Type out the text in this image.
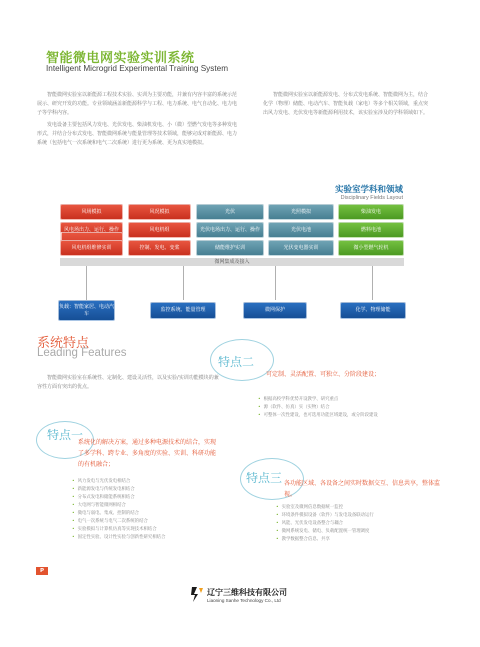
智能微电网实验实训系统
Intelligent Microgrid Experimental Training System

智能微网实验室以新能源工程技术实验、实训为主要功能，并兼有内容丰富的系统示范展示、研究开发的功能。专业领域涵盖新能源科学与工程、电力系统、电气自动化、电力电子等学科内容。

发电设备主要包括风力发电、光伏发电、柴油机发电、小（微）型燃气发电等多种发电形式，并结合分布式发电、智能微网系统与能量管理等技术领域，能够完成对新能源、电力系统（包括电气一次系统和电气二次系统）进行更为系统、更为真实地模拟。

智能微网实验室以新能源发电、分布式发电系统、智能微网为主，结合化学（物理）储能、电动汽车、智能负载（家电）等多个相关领域，重点突出风力发电、光伏发电等新能源利用技术，该实验室涉及的学科领域如下。

实验室学科和领域
Disciplinary Fields Layout
风场模拟	风况模拟	光伏	光照模拟	柴油发电
风电场出力、运行、操作	风电机组	光伏电场出力、运行、操作	光伏电池	燃料电池
微网集成及接入
负载：智能家居、电动汽车
监控系统、能量管理	微网保护	化学、物理储能
系统特点
Leading Features

智能微网实验室在系统性、定制化、建设灵活性，以及实验/实训功能模块的兼容性方面有突出的优点。

特点一

系统化的解决方案，通过多种电源技术的结合，实现了多学科、跨专业、多角度的实验、实训、科研功能的有机融合；

• 风力发电与光伏发电相结合
• 新能源发电与传统发电相结合
• 分布式发电和储能系统相结合
• 大电网与智能微网相结合
• 微电与弱电、集成、控制的结合
• 电气一次系统与电气二次系统的结合
• 实验模拟与计算机仿真等实现技术相结合
• 固定性实验、设计性实验与创新性研究相结合
特点二

可定制、灵活配置、可独立、分阶段建设；

• 根据高校学科优势开设教学、研究重点
• 源（软件、仿真）实（实物）结合
• 可整体一次性建设，也可选用功能区域建设，或分阶段建设
特点三 各功能区域、各设备之间实时数据交互、信息共享，整体监视。

• 实验室及微网信息数据统一监控
• 环境条件模拟设备（软件）与发电设备联动运行
• 风能、光伏发电设备整合与耦合
• 微网系统发电、储电、负载配置统一管理调度
• 教学数据整合信息、共享
P
辽宁三维科技有限公司
Liaoning Sanhe Technology Co., Ltd
风电机组维修实训	控制、发电、变桨	储能维护实训	光伏变电器实训	微小型燃气轮机
